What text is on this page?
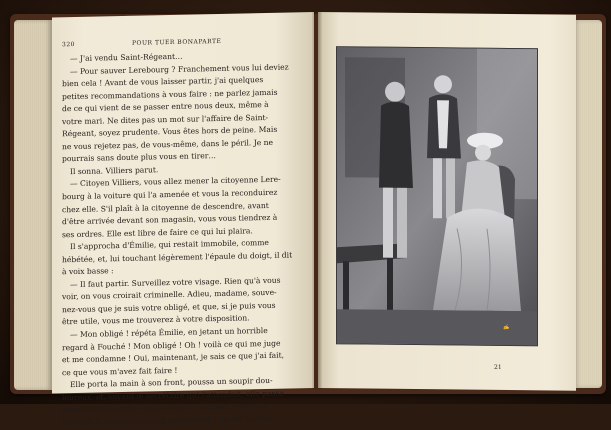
320	POUR TUER BONAPARTE
— J'ai vendu Saint-Régeant…
— Pour sauver Lerebourg ? Franchement vous lui deviez
bien cela ! Avant de vous laisser partir, j'ai quelques
petites recommandations à vous faire : ne parlez jamais
de ce qui vient de se passer entre nous deux, même à
votre mari. Ne dites pas un mot sur l'affaire de Saint-
Régeant, soyez prudente. Vous êtes hors de peine. Mais
ne vous rejetez pas, de vous-même, dans le péril. Je ne
pourrais sans doute plus vous en tirer…
Il sonna. Villiers parut.
— Citoyen Villiers, vous allez mener la citoyenne Lere-
bourg à la voiture qui l'a amenée et vous la reconduirez
chez elle. S'il plaît à la citoyenne de descendre, avant
d'être arrivée devant son magasin, vous vous tiendrez à
ses ordres. Elle est libre de faire ce qui lui plaira.
Il s'approcha d'Émilie, qui restait immobile, comme
hébétée, et, lui touchant légèrement l'épaule du doigt, il dit
à voix basse :
— Il faut partir. Surveillez votre visage. Rien qu'à vous
voir, on vous croirait criminelle. Adieu, madame, souve-
nez-vous que je suis votre obligé, et que, si je puis vous
être utile, vous me trouverez à votre disposition.
— Mon obligé ! répéta Émilie, en jetant un horrible
regard à Fouché ! Mon obligé ! Oh ! voilà ce qui me juge
et me condamne ! Oui, maintenant, je sais ce que j'ai fait,
ce que vous m'avez fait faire !
Elle porta la main à son front, poussa un soupir dou-
loureux, et, voyant le secrétaire qui l'attendait, elle passa
devant lui et sortit. Si elle s'était retournée, avant de
franchir le seuil du cabinet ministériel, elle eût vu Fou-
✍
21
